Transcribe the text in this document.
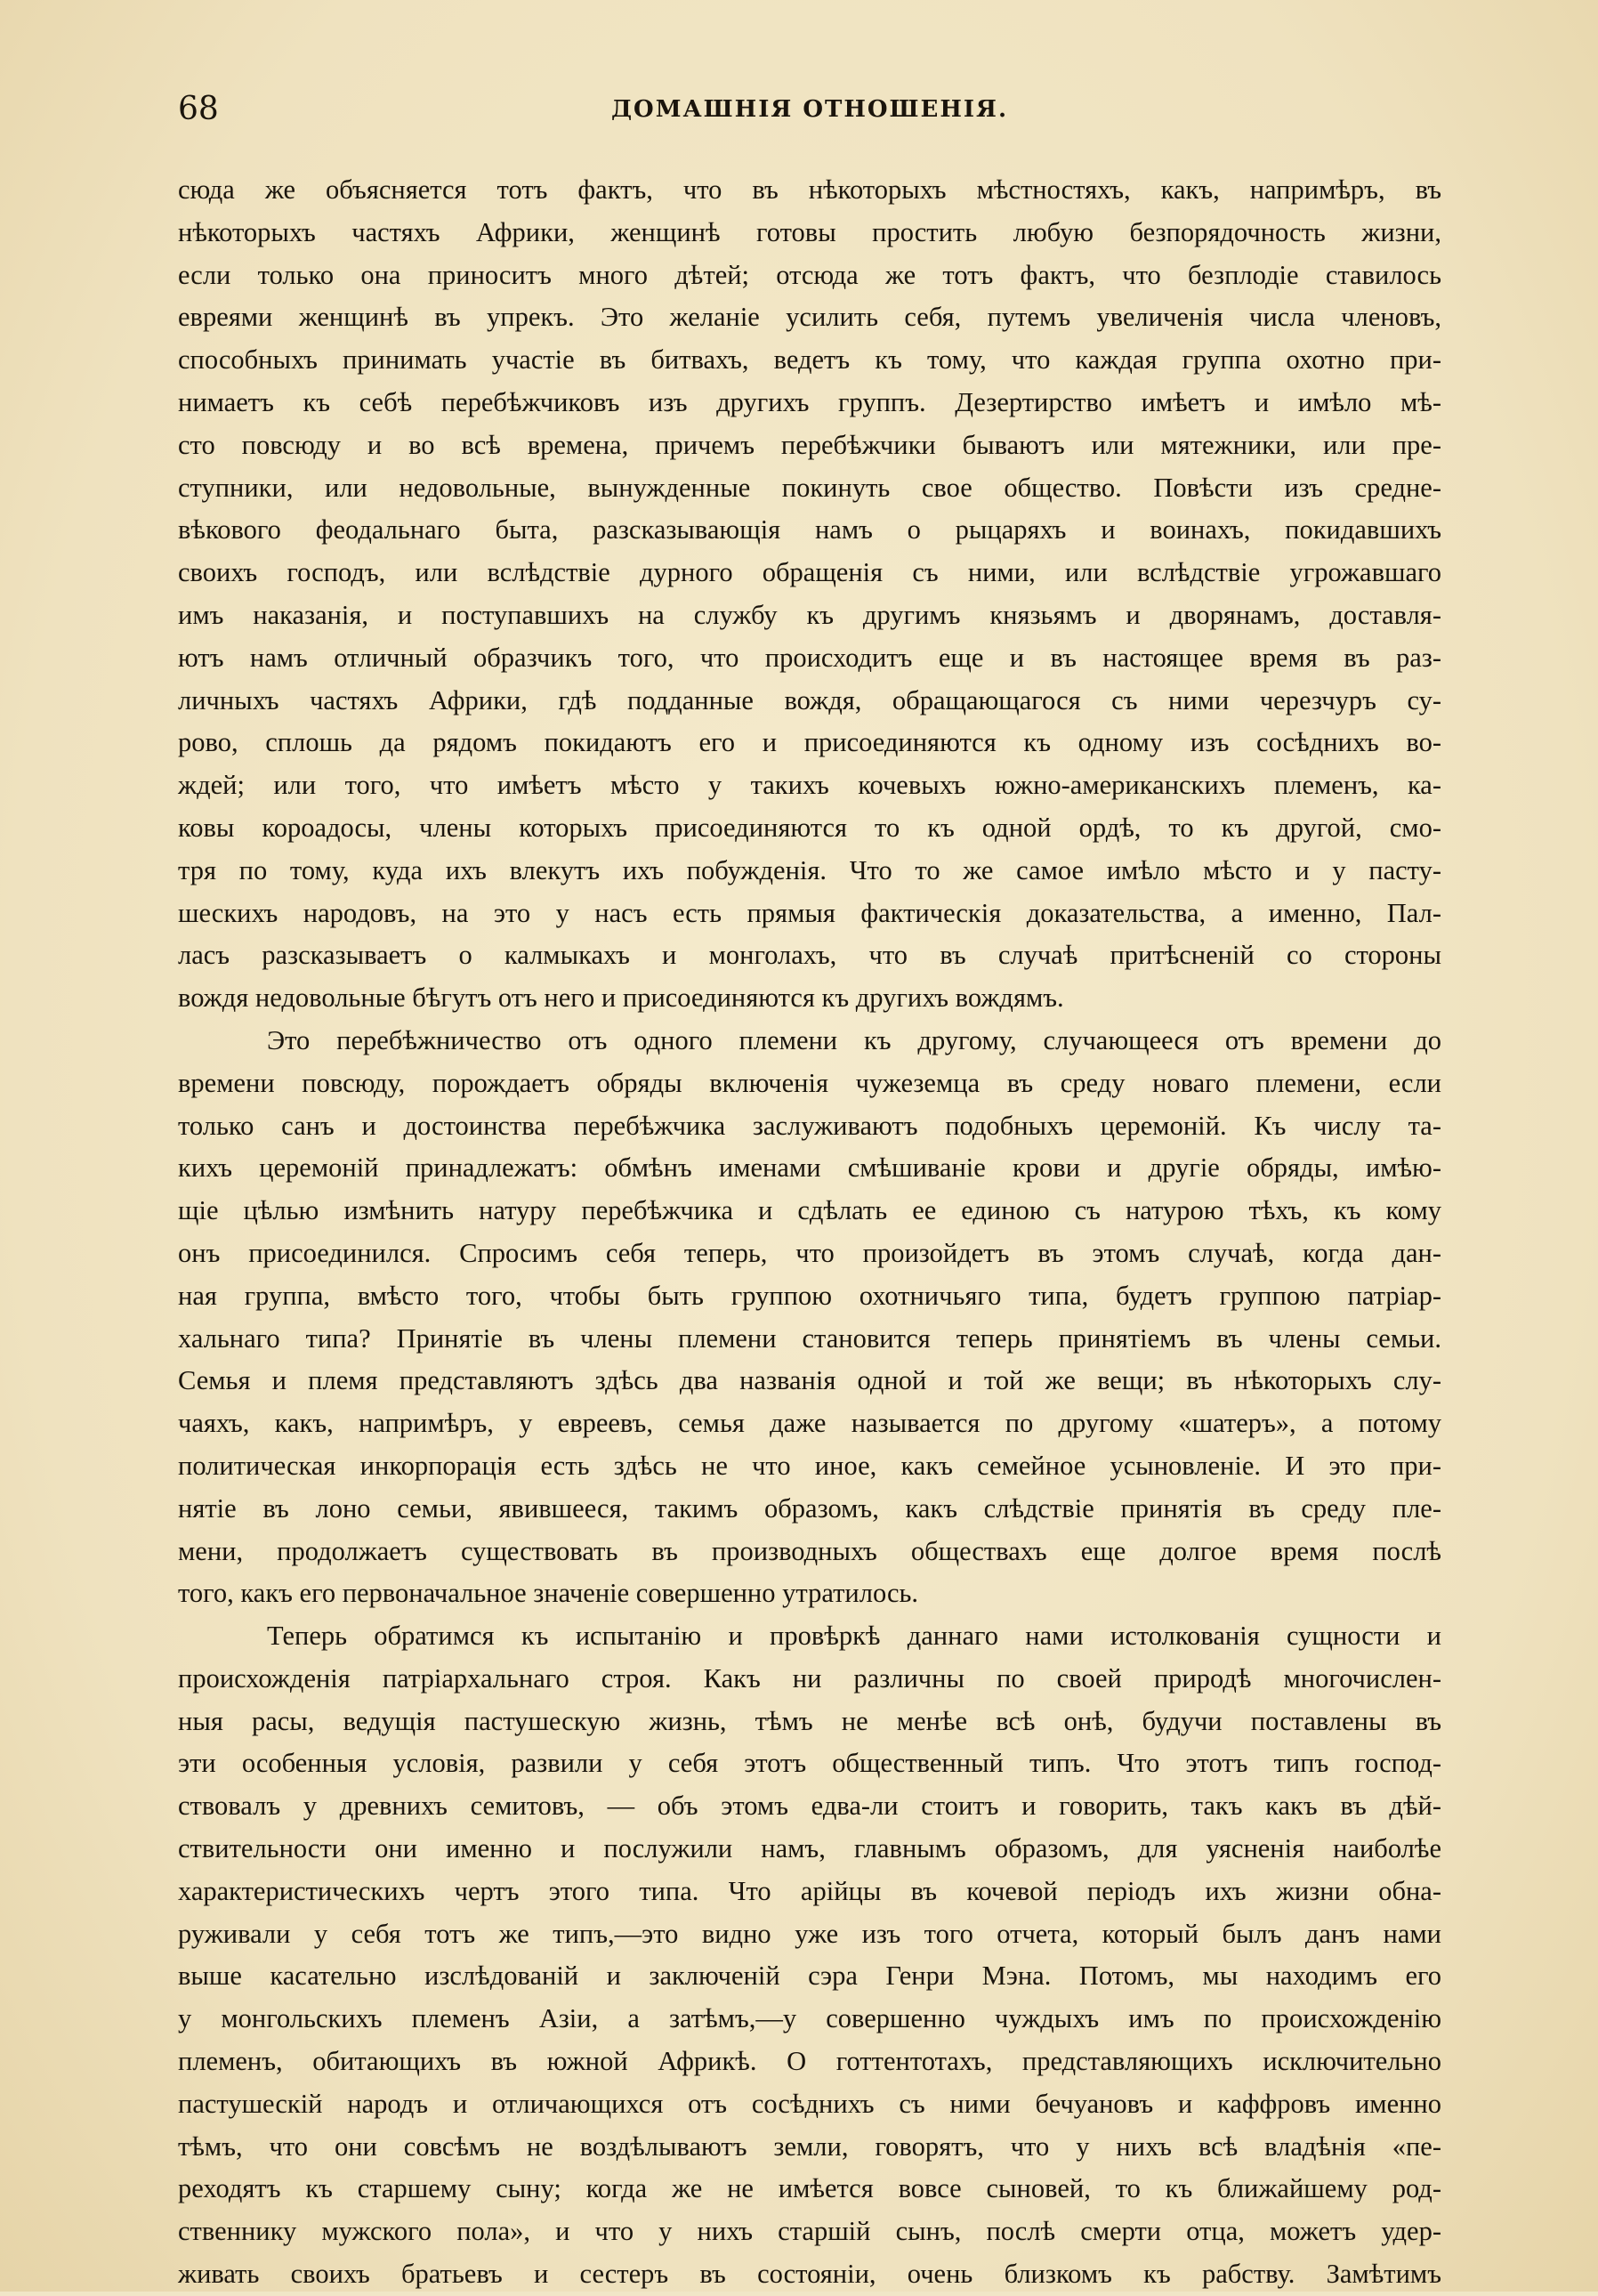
68	ДОМАШНІЯ ОТНОШЕНІЯ.
сюда же объясняется тотъ фактъ, что въ нѣкоторыхъ мѣстностяхъ, какъ, напримѣръ, въ
нѣкоторыхъ частяхъ Африки, женщинѣ готовы простить любую безпорядочность жизни,
если только она приноситъ много дѣтей; отсюда же тотъ фактъ, что безплодіе ставилось
евреями женщинѣ въ упрекъ. Это желаніе усилить себя, путемъ увеличенія числа членовъ,
способныхъ принимать участіе въ битвахъ, ведетъ къ тому, что каждая группа охотно при-
нимаетъ къ себѣ перебѣжчиковъ изъ другихъ группъ. Дезертирство имѣетъ и имѣло мѣ-
сто повсюду и во всѣ времена, причемъ перебѣжчики бываютъ или мятежники, или пре-
ступники, или недовольные, вынужденные покинуть свое общество. Повѣсти изъ средне-
вѣкового феодальнаго быта, разсказывающія намъ о рыцаряхъ и воинахъ, покидавшихъ
своихъ господъ, или вслѣдствіе дурного обращенія съ ними, или вслѣдствіе угрожавшаго
имъ наказанія, и поступавшихъ на службу къ другимъ князьямъ и дворянамъ, доставля-
ютъ намъ отличный образчикъ того, что происходитъ еще и въ настоящее время въ раз-
личныхъ частяхъ Африки, гдѣ подданные вождя, обращающагося съ ними черезчуръ су-
рово, сплошь да рядомъ покидаютъ его и присоединяются къ одному изъ сосѣднихъ во-
ждей; или того, что имѣетъ мѣсто у такихъ кочевыхъ южно-американскихъ племенъ, ка-
ковы короадосы, члены которыхъ присоединяются то къ одной ордѣ, то къ другой, смо-
тря по тому, куда ихъ влекутъ ихъ побужденія. Что то же самое имѣло мѣсто и у пасту-
шескихъ народовъ, на это у насъ есть прямыя фактическія доказательства, а именно, Пал-
ласъ разсказываетъ о калмыкахъ и монголахъ, что въ случаѣ притѣсненій со стороны
вождя недовольные бѣгутъ отъ него и присоединяются къ другихъ вождямъ.
Это перебѣжничество отъ одного племени къ другому, случающееся отъ времени до
времени повсюду, порождаетъ обряды включенія чужеземца въ среду новаго племени, если
только санъ и достоинства перебѣжчика заслуживаютъ подобныхъ церемоній. Къ числу та-
кихъ церемоній принадлежатъ: обмѣнъ именами смѣшиваніе крови и другіе обряды, имѣю-
щіе цѣлью измѣнить натуру перебѣжчика и сдѣлать ее единою съ натурою тѣхъ, къ кому
онъ присоединился. Спросимъ себя теперь, что произойдетъ въ этомъ случаѣ, когда дан-
ная группа, вмѣсто того, чтобы быть группою охотничьяго типа, будетъ группою патріар-
хальнаго типа? Принятіе въ члены племени становится теперь принятіемъ въ члены семьи.
Семья и племя представляютъ здѣсь два названія одной и той же вещи; въ нѣкоторыхъ слу-
чаяхъ, какъ, напримѣръ, у евреевъ, семья даже называется по другому «шатеръ», а потому
политическая инкорпорація есть здѣсь не что иное, какъ семейное усыновленіе. И это при-
нятіе въ лоно семьи, явившееся, такимъ образомъ, какъ слѣдствіе принятія въ среду пле-
мени, продолжаетъ существовать въ производныхъ обществахъ еще долгое время послѣ
того, какъ его первоначальное значеніе совершенно утратилось.
Теперь обратимся къ испытанію и провѣркѣ даннаго нами истолкованія сущности и
происхожденія патріархальнаго строя. Какъ ни различны по своей природѣ многочислен-
ныя расы, ведущія пастушескую жизнь, тѣмъ не менѣе всѣ онѣ, будучи поставлены въ
эти особенныя условія, развили у себя этотъ общественный типъ. Что этотъ типъ господ-
ствовалъ у древнихъ семитовъ, — объ этомъ едва-ли стоитъ и говорить, такъ какъ въ дѣй-
ствительности они именно и послужили намъ, главнымъ образомъ, для уясненія наиболѣе
характеристическихъ чертъ этого типа. Что арійцы въ кочевой періодъ ихъ жизни обна-
руживали у себя тотъ же типъ,—это видно уже изъ того отчета, который былъ данъ нами
выше касательно изслѣдованій и заключеній сэра Генри Мэна. Потомъ, мы находимъ его
у монгольскихъ племенъ Азіи, а затѣмъ,—у совершенно чуждыхъ имъ по происхожденію
племенъ, обитающихъ въ южной Африкѣ. О готтентотахъ, представляющихъ исключительно
пастушескій народъ и отличающихся отъ сосѣднихъ съ ними бечуановъ и каффровъ именно
тѣмъ, что они совсѣмъ не воздѣлываютъ земли, говорятъ, что у нихъ всѣ владѣнія «пе-
реходятъ къ старшему сыну; когда же не имѣется вовсе сыновей, то къ ближайшему род-
ственнику мужского пола», и что у нихъ старшій сынъ, послѣ смерти отца, можетъ удер-
живать своихъ братьевъ и сестеръ въ состояніи, очень близкомъ къ рабству. Замѣтимъ
